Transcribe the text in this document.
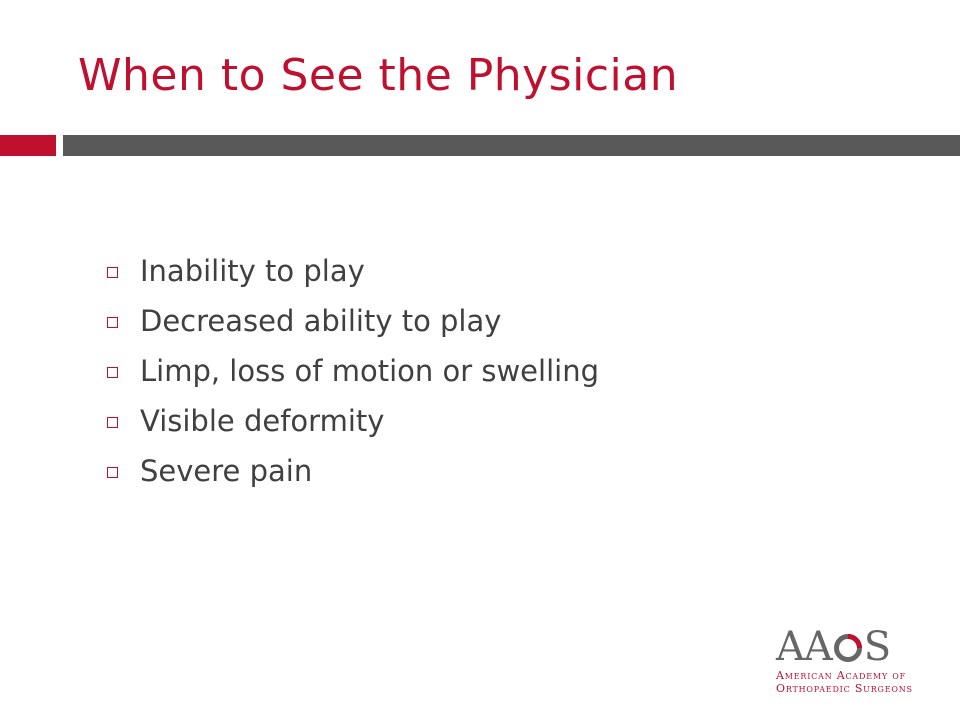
When to See the Physician
Inability to play
Decreased ability to play
Limp, loss of motion or swelling
Visible deformity
Severe pain
AA S
American Academy of
Orthopaedic Surgeons
